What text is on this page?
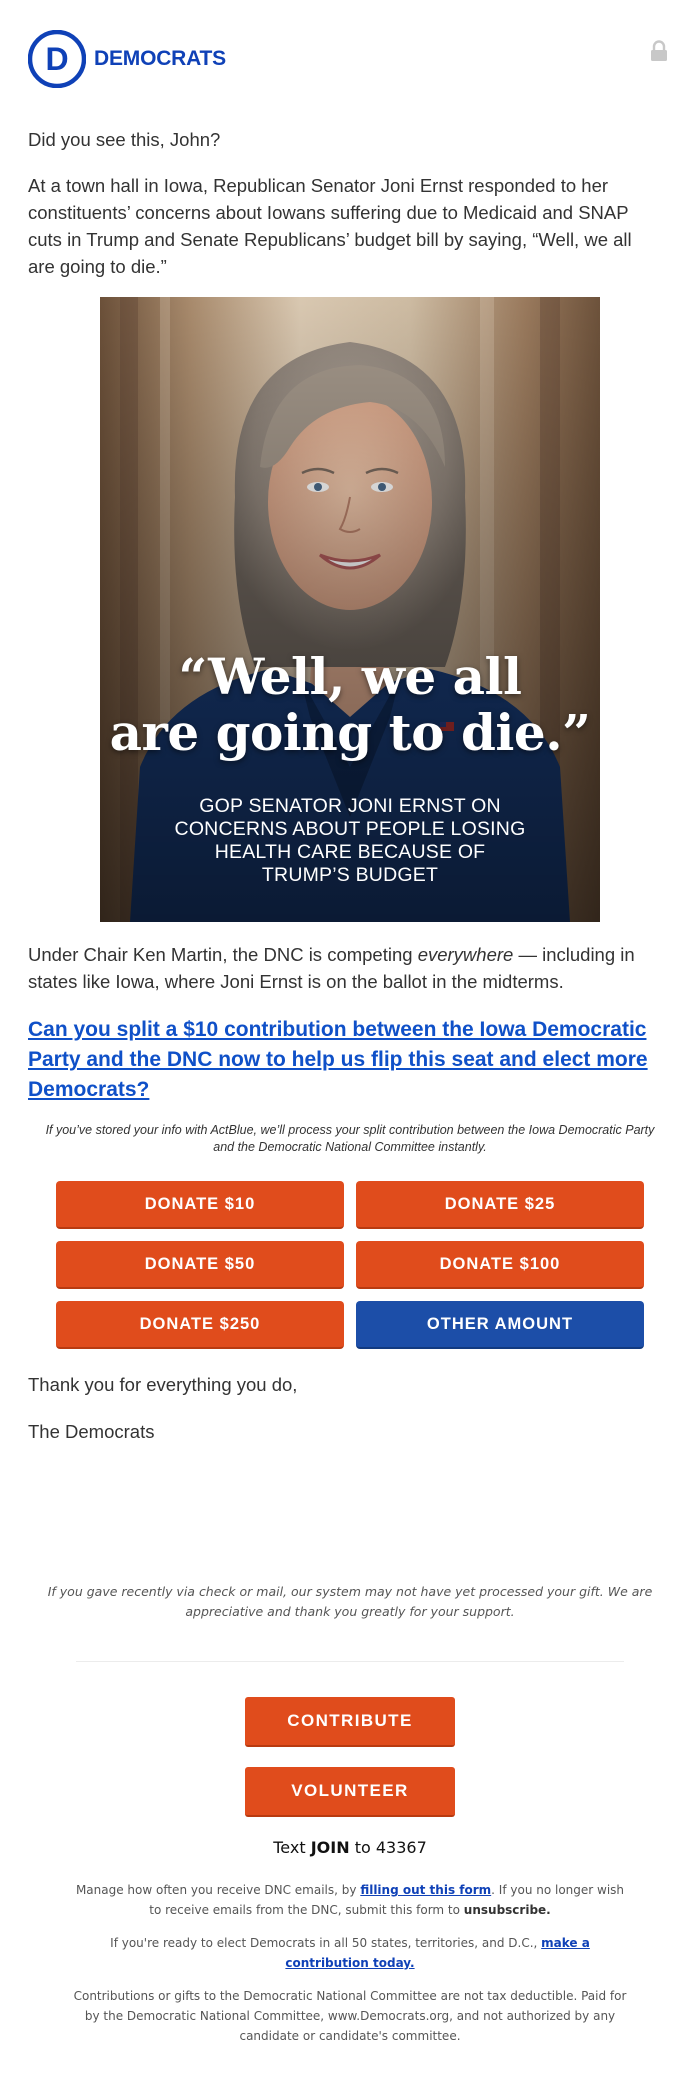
D DEMOCRATS

Did you see this, John?

At a town hall in Iowa, Republican Senator Joni Ernst responded to her constituents’ concerns about Iowans suffering due to Medicaid and SNAP cuts in Trump and Senate Republicans’ budget bill by saying, “Well, we all are going to die.”

“Well, we all
are going to die.”
GOP SENATOR JONI ERNST ON
CONCERNS ABOUT PEOPLE LOSING
HEALTH CARE BECAUSE OF
TRUMP’S BUDGET

Under Chair Ken Martin, the DNC is competing everywhere — including in states like Iowa, where Joni Ernst is on the ballot in the midterms.

Can you split a $10 contribution between the Iowa Democratic Party and the DNC now to help us flip this seat and elect more Democrats?
If you’ve stored your info with ActBlue, we’ll process your split contribution between the Iowa Democratic Party and the Democratic National Committee instantly.
DONATE $10	DONATE $25
DONATE $50	DONATE $100
DONATE $250	OTHER AMOUNT

Thank you for everything you do,

The Democrats

If you gave recently via check or mail, our system may not have yet processed your gift. We are appreciative and thank you greatly for your support.
CONTRIBUTE
VOLUNTEER
Text JOIN to 43367
Manage how often you receive DNC emails, by filling out this form. If you no longer wish to receive emails from the DNC, submit this form to unsubscribe.
If you're ready to elect Democrats in all 50 states, territories, and D.C., make a contribution today.
Contributions or gifts to the Democratic National Committee are not tax deductible. Paid for by the Democratic National Committee, www.Democrats.org, and not authorized by any candidate or candidate's committee.
